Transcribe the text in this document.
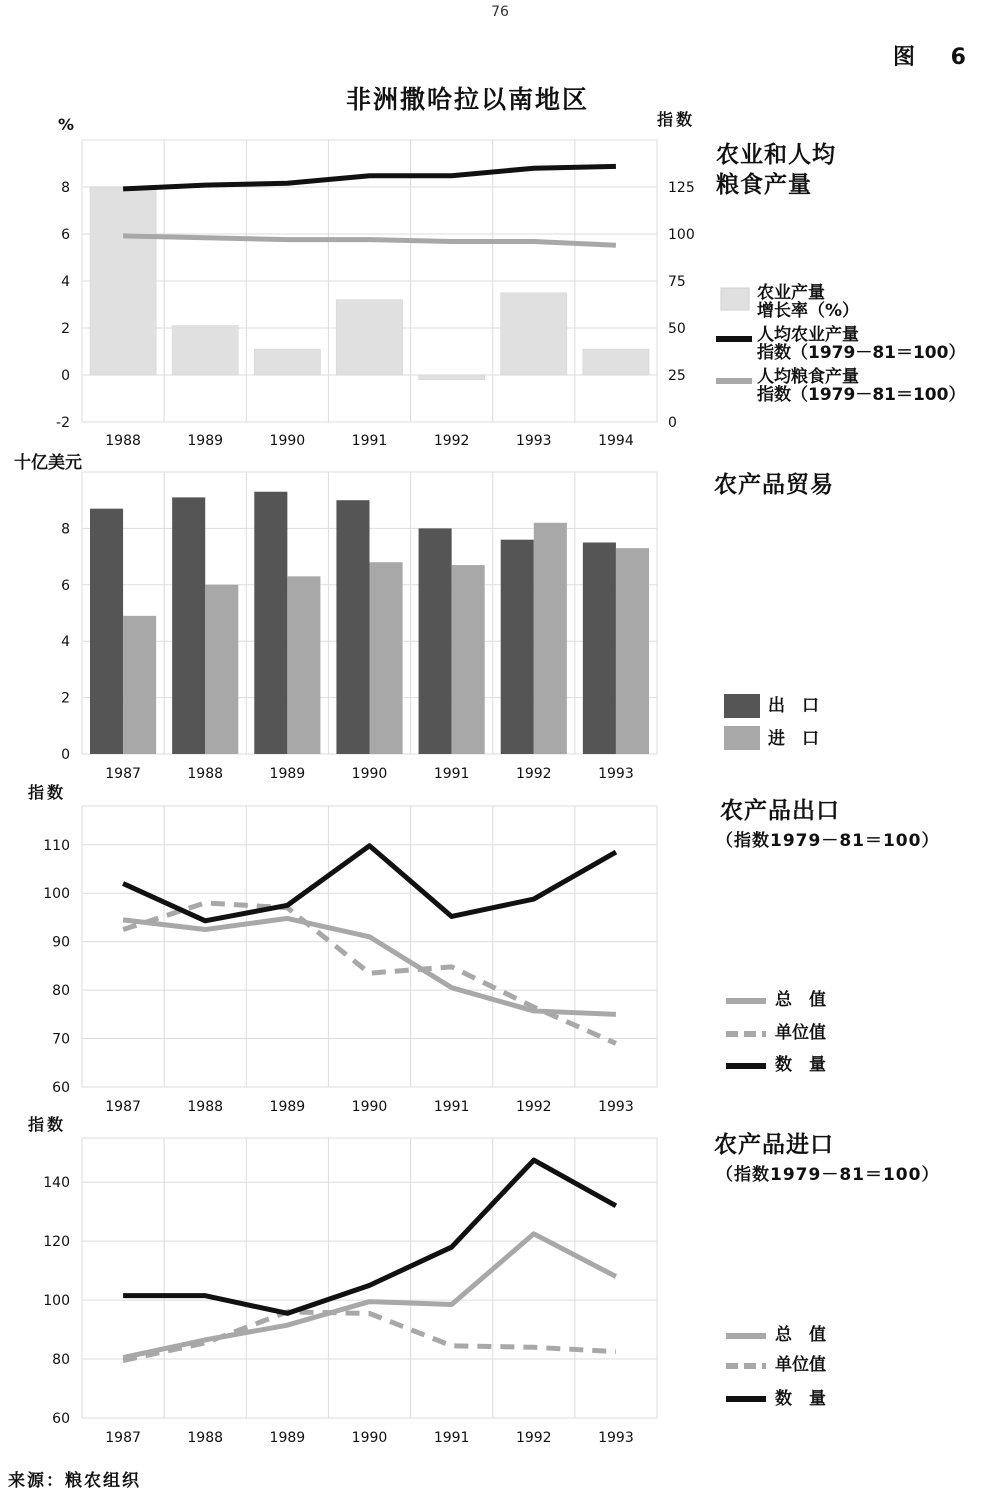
76
图 6
非洲撒哈拉以南地区
%	指数
农业和人均
粮食产量
十亿美元
农产品贸易
指数
农产品出口
（指数1979－81＝100）
指数
农产品进口
（指数1979－81＝100）
农业产量
增长率（%）
人均农业产量
指数（1979－81＝100）
人均粮食产量
指数（1979－81＝100）
出　口
进　口
总　值
单位值
数　量
总　值
单位值
数　量
来源：粮农组织
1988	1989	1990	1991	1992	1993	1994
8
6
4
2
0
-2
125
100
75
50
25
0
1987	1988	1989	1990	1991	1992	1993
8
6
4
2
0
1987	1988	1989	1990	1991	1992	1993
110
100
90
80
70
60
1987	1988	1989	1990	1991	1992	1993
140
120
100
80
60
